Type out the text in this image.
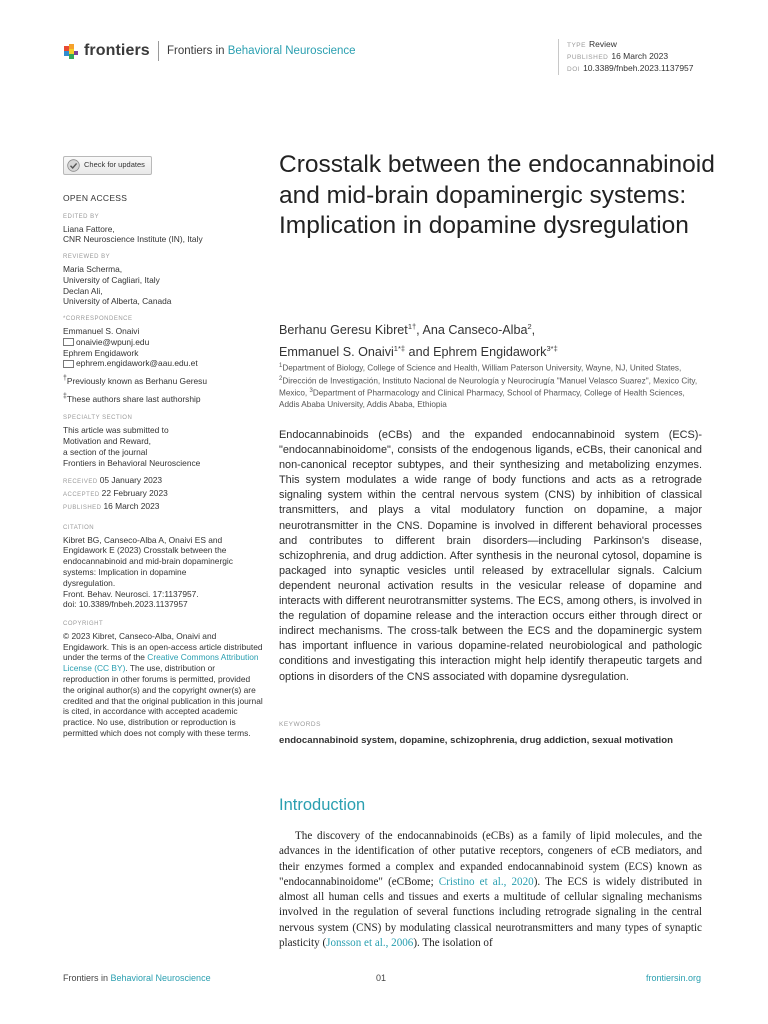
frontiers Frontiers in Behavioral Neuroscience	TYPE Review
PUBLISHED 16 March 2023
DOI 10.3389/fnbeh.2023.1137957
Check for updates
OPEN ACCESS
EDITED BY
Liana Fattore,
CNR Neuroscience Institute (IN), Italy
REVIEWED BY
Maria Scherma,
University of Cagliari, Italy
Declan Ali,
University of Alberta, Canada
*CORRESPONDENCE
Emmanuel S. Onaivi
onaivie@wpunj.edu
Ephrem Engidawork
ephrem.engidawork@aau.edu.et
†Previously known as Berhanu Geresu
‡These authors share last authorship
SPECIALTY SECTION
This article was submitted to
Motivation and Reward,
a section of the journal
Frontiers in Behavioral Neuroscience
RECEIVED 05 January 2023
ACCEPTED 22 February 2023
PUBLISHED 16 March 2023
CITATION
Kibret BG, Canseco-Alba A, Onaivi ES and
Engidawork E (2023) Crosstalk between the
endocannabinoid and mid-brain dopaminergic
systems: Implication in dopamine
dysregulation.
Front. Behav. Neurosci. 17:1137957.
doi: 10.3389/fnbeh.2023.1137957
COPYRIGHT
© 2023 Kibret, Canseco-Alba, Onaivi and Engidawork. This is an open-access article distributed under the terms of the Creative Commons Attribution License (CC BY). The use, distribution or reproduction in other forums is permitted, provided the original author(s) and the copyright owner(s) are credited and that the original publication in this journal is cited, in accordance with accepted academic practice. No use, distribution or reproduction is permitted which does not comply with these terms.
Crosstalk between the endocannabinoid and mid-brain dopaminergic systems: Implication in dopamine dysregulation
Berhanu Geresu Kibret$^{1\dagger}$, Ana Canseco-Alba$^2$,
Emmanuel S. Onaivi$^{1*\ddagger}$ and Ephrem Engidawork$^{3*\ddagger}$
$^1$Department of Biology, College of Science and Health, William Paterson University, Wayne, NJ, United States, $^2$Dirección de Investigación, Instituto Nacional de Neurología y Neurocirugía "Manuel Velasco Suarez", Mexico City, Mexico, $^3$Department of Pharmacology and Clinical Pharmacy, School of Pharmacy, College of Health Sciences, Addis Ababa University, Addis Ababa, Ethiopia

Endocannabinoids (eCBs) and the expanded endocannabinoid system (ECS)-"endocannabinoidome", consists of the endogenous ligands, eCBs, their canonical and non-canonical receptor subtypes, and their synthesizing and metabolizing enzymes. This system modulates a wide range of body functions and acts as a retrograde signaling system within the central nervous system (CNS) by inhibition of classical transmitters, and plays a vital modulatory function on dopamine, a major neurotransmitter in the CNS. Dopamine is involved in different behavioral processes and contributes to different brain disorders—including Parkinson's disease, schizophrenia, and drug addiction. After synthesis in the neuronal cytosol, dopamine is packaged into synaptic vesicles until released by extracellular signals. Calcium dependent neuronal activation results in the vesicular release of dopamine and interacts with different neurotransmitter systems. The ECS, among others, is involved in the regulation of dopamine release and the interaction occurs either through direct or indirect mechanisms. The cross-talk between the ECS and the dopaminergic system has important influence in various dopamine-related neurobiological and pathologic conditions and investigating this interaction might help identify therapeutic targets and options in disorders of the CNS associated with dopamine dysregulation.

KEYWORDS
endocannabinoid system, dopamine, schizophrenia, drug addiction, sexual motivation
Introduction

The discovery of the endocannabinoids (eCBs) as a family of lipid molecules, and the advances in the identification of other putative receptors, congeners of eCB mediators, and their enzymes formed a complex and expanded endocannabinoid system (ECS) known as "endocannabinoidome" (eCBome; Cristino et al., 2020). The ECS is widely distributed in almost all human cells and tissues and exerts a multitude of cellular signaling mechanisms involved in the regulation of several functions including retrograde signaling in the central nervous system (CNS) by modulating classical neurotransmitters and many types of synaptic plasticity (Jonsson et al., 2006). The isolation of

Frontiers in Behavioral Neuroscience	01	frontiersin.org
